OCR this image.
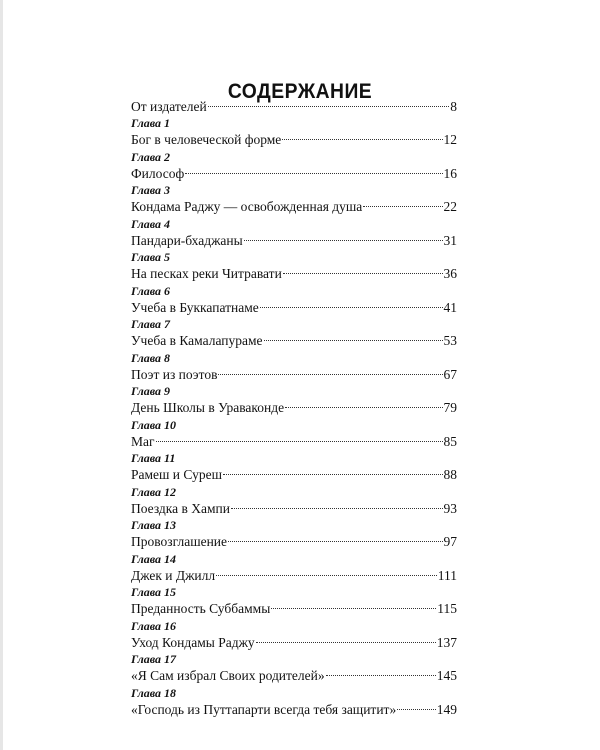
СОДЕРЖАНИЕ
От издателей	8
Глава 1
Бог в человеческой форме	12
Глава 2
Философ	16
Глава 3
Кондама Раджу — освобожденная душа	22
Глава 4
Пандари-бхаджаны	31
Глава 5
На песках реки Читравати	36
Глава 6
Учеба в Буккапатнаме	41
Глава 7
Учеба в Камалапураме	53
Глава 8
Поэт из поэтов	67
Глава 9
День Школы в Ураваконде	79
Глава 10
Маг	85
Глава 11
Рамеш и Суреш	88
Глава 12
Поездка в Хампи	93
Глава 13
Провозглашение	97
Глава 14
Джек и Джилл	111
Глава 15
Преданность Суббаммы	115
Глава 16
Уход Кондамы Раджу	137
Глава 17
«Я Сам избрал Своих родителей»	145
Глава 18
«Господь из Путтапарти всегда тебя защитит»	149
